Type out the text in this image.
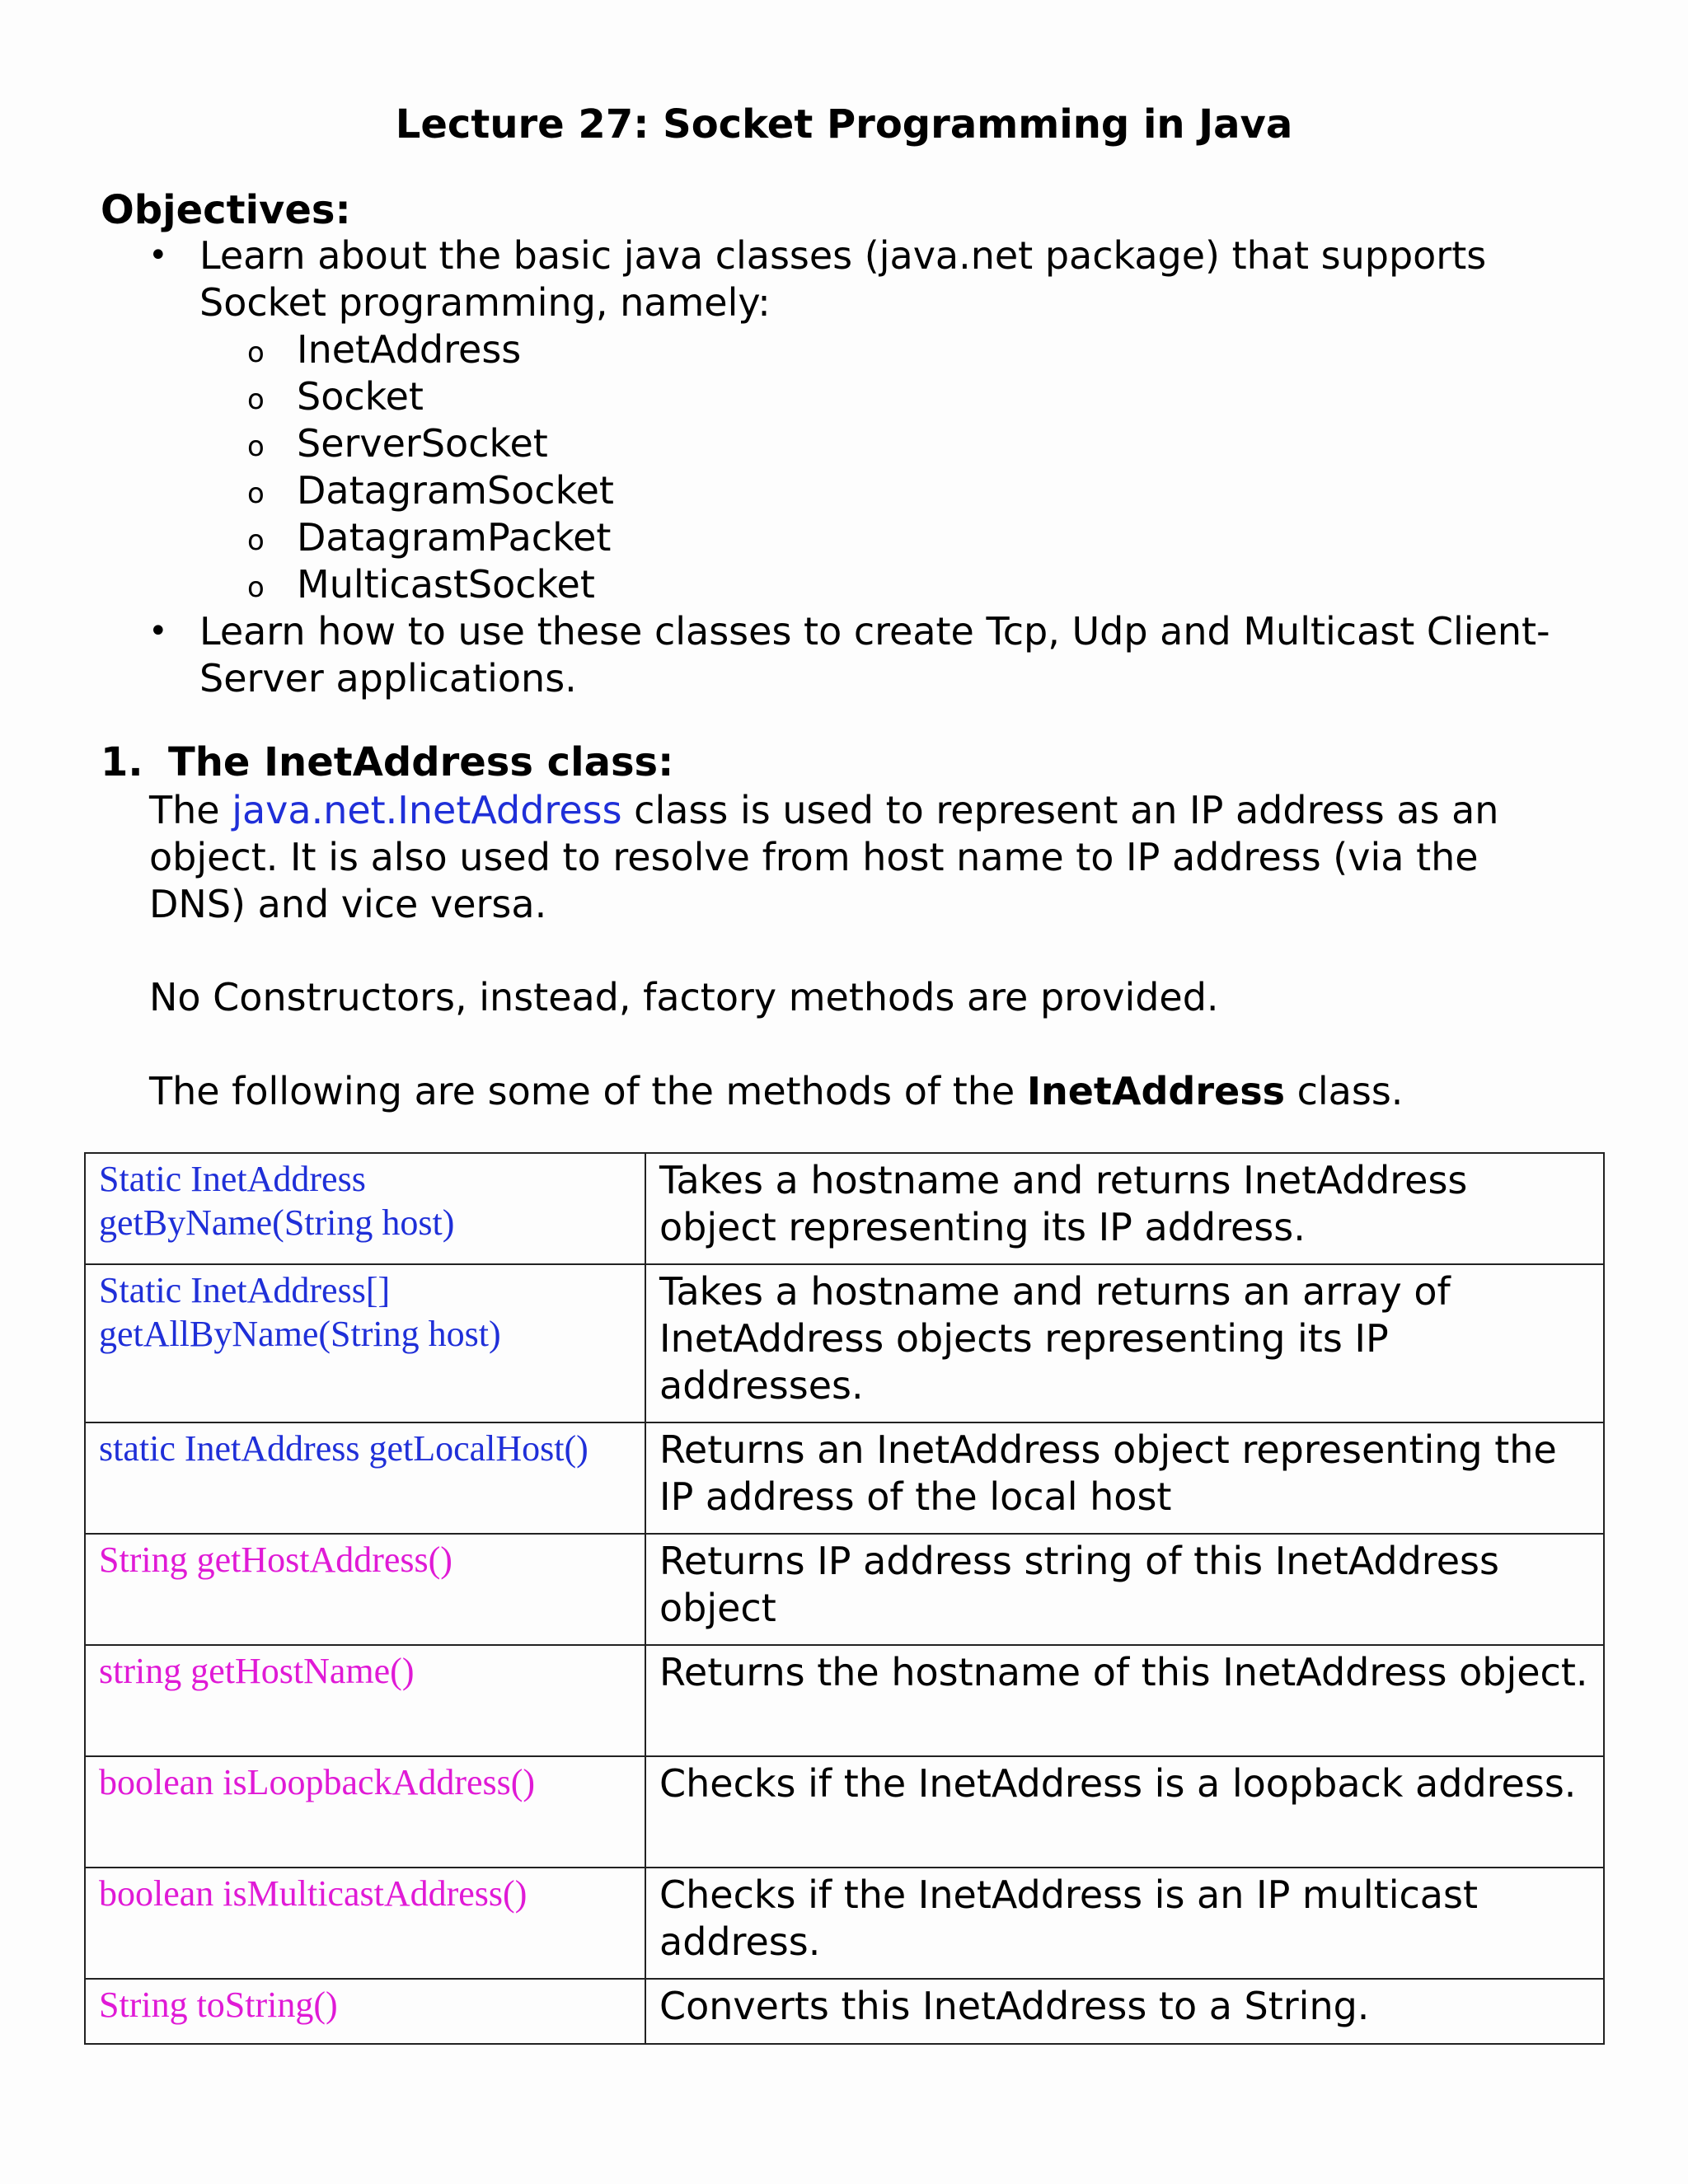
Lecture 27: Socket Programming in Java

Objectives:

• Learn about the basic java classes (java.net package) that supports Socket programming, namely:
o InetAddress
o Socket
o ServerSocket
o DatagramSocket
o DatagramPacket
o MulticastSocket
• Learn how to use these classes to create Tcp, Udp and Multicast Client-Server applications.

1. The InetAddress class:

The java.net.InetAddress class is used to represent an IP address as an object. It is also used to resolve from host name to IP address (via the DNS) and vice versa.

No Constructors, instead, factory methods are provided.

The following are some of the methods of the InetAddress class.

Static InetAddress getByName(String host)	Takes a hostname and returns InetAddress object representing its IP address.
Static InetAddress[] getAllByName(String host)	Takes a hostname and returns an array of InetAddress objects representing its IP addresses.
static InetAddress getLocalHost()	Returns an InetAddress object representing the IP address of the local host
String getHostAddress()	Returns IP address string of this InetAddress object
string getHostName()	Returns the hostname of this InetAddress object.
boolean isLoopbackAddress()	Checks if the InetAddress is a loopback address.
boolean isMulticastAddress()	Checks if the InetAddress is an IP multicast address.
String toString()	Converts this InetAddress to a String.
